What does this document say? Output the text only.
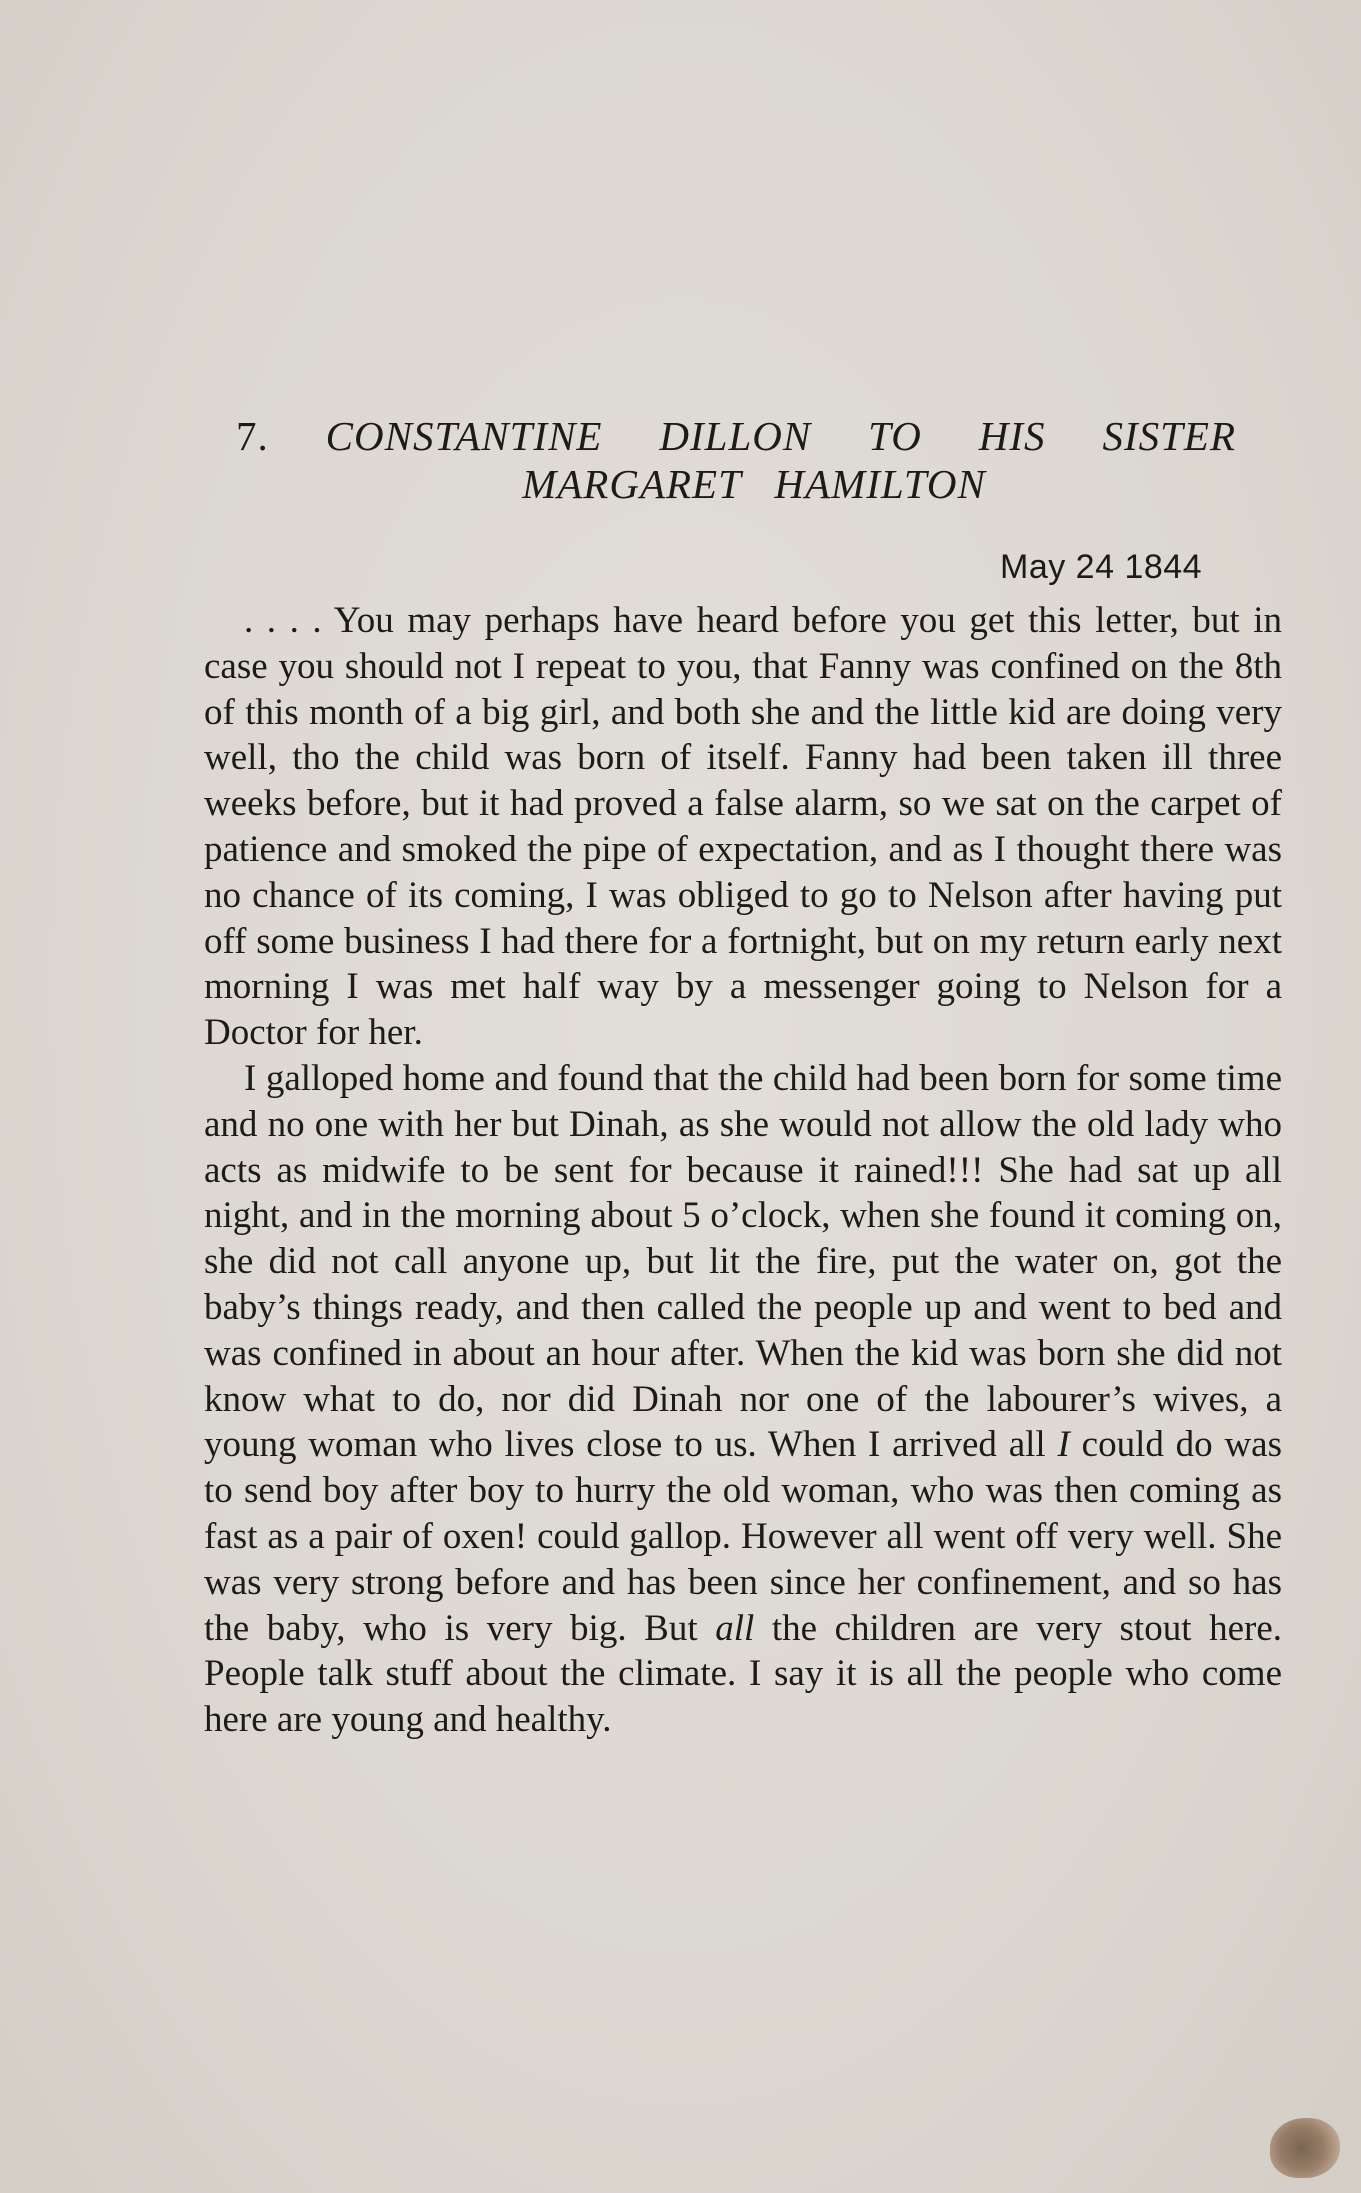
7. CONSTANTINE DILLON TO HIS SISTER
MARGARET HAMILTON
May 24 1844

. . . . You may perhaps have heard before you get this letter, but in case you should not I repeat to you, that Fanny was confined on the 8th of this month of a big girl, and both she and the little kid are doing very well, tho the child was born of itself. Fanny had been taken ill three weeks before, but it had proved a false alarm, so we sat on the carpet of patience and smoked the pipe of expectation, and as I thought there was no chance of its coming, I was obliged to go to Nelson after having put off some business I had there for a fortnight, but on my return early next morning I was met half way by a messenger going to Nelson for a Doctor for her.

I galloped home and found that the child had been born for some time and no one with her but Dinah, as she would not allow the old lady who acts as midwife to be sent for because it rained!!! She had sat up all night, and in the morning about 5 o’clock, when she found it coming on, she did not call anyone up, but lit the fire, put the water on, got the baby’s things ready, and then called the people up and went to bed and was confined in about an hour after. When the kid was born she did not know what to do, nor did Dinah nor one of the labourer’s wives, a young woman who lives close to us. When I arrived all I could do was to send boy after boy to hurry the old woman, who was then coming as fast as a pair of oxen! could gallop. However all went off very well. She was very strong before and has been since her confinement, and so has the baby, who is very big. But all the children are very stout here. People talk stuff about the climate. I say it is all the people who come here are young and healthy.
